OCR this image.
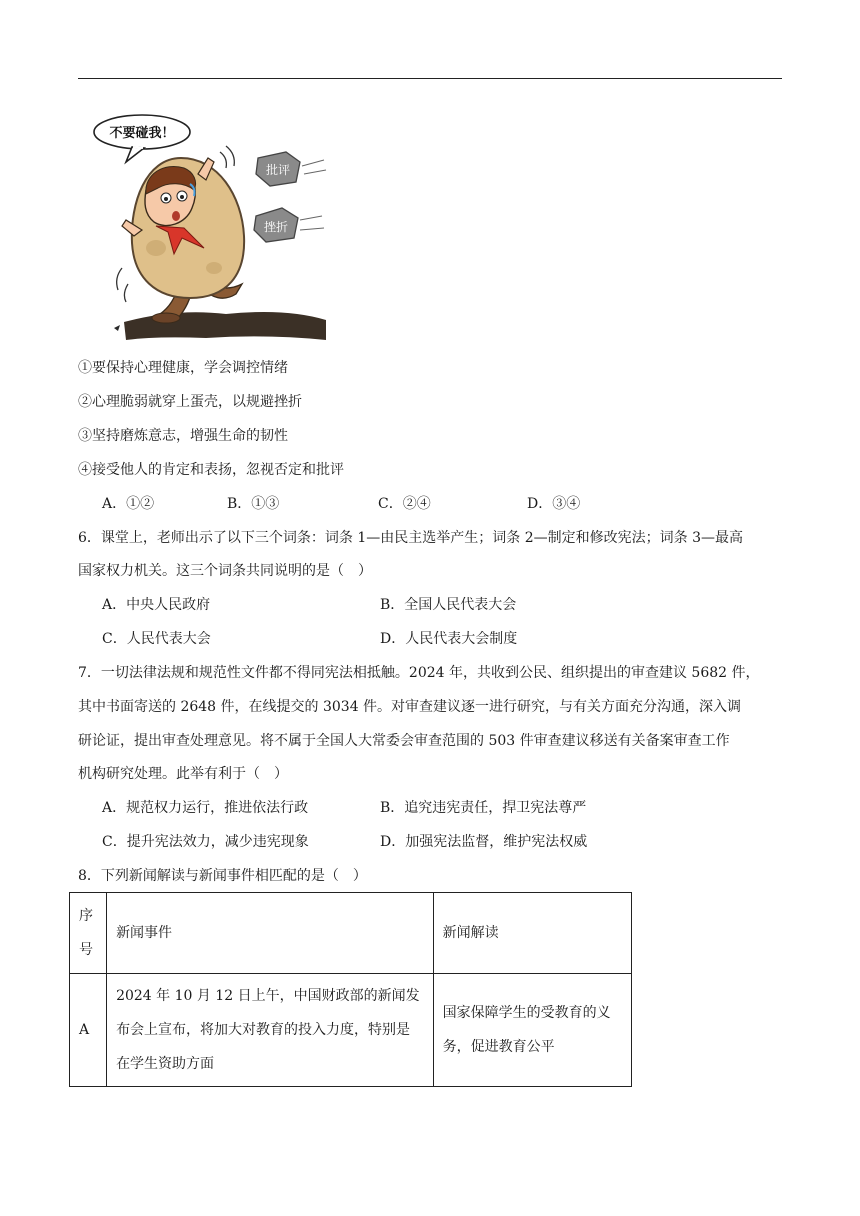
不要碰我！
批评
挫折
①要保持心理健康，学会调控情绪
②心理脆弱就穿上蛋壳，以规避挫折
③坚持磨炼意志，增强生命的韧性
④接受他人的肯定和表扬，忽视否定和批评
A．①②	B．①③	C．②④	D．③④
6．课堂上，老师出示了以下三个词条：词条 1—由民主选举产生；词条 2—制定和修改宪法；词条 3—最高
国家权力机关。这三个词条共同说明的是（　）
A．中央人民政府	B．全国人民代表大会
C．人民代表大会	D．人民代表大会制度
7．一切法律法规和规范性文件都不得同宪法相抵触。2024 年，共收到公民、组织提出的审查建议 5682 件，
其中书面寄送的 2648 件，在线提交的 3034 件。对审查建议逐一进行研究，与有关方面充分沟通，深入调
研论证，提出审查处理意见。将不属于全国人大常委会审查范围的 503 件审查建议移送有关备案审查工作
机构研究处理。此举有利于（　）
A．规范权力运行，推进依法行政	B．追究违宪责任，捍卫宪法尊严
C．提升宪法效力，减少违宪现象	D．加强宪法监督，维护宪法权威
8．下列新闻解读与新闻事件相匹配的是（　）
序号	新闻事件	新闻解读
A	2024 年 10 月 12 日上午，中国财政部的新闻发布会上宣布，将加大对教育的投入力度，特别是在学生资助方面	国家保障学生的受教育的义务，促进教育公平
